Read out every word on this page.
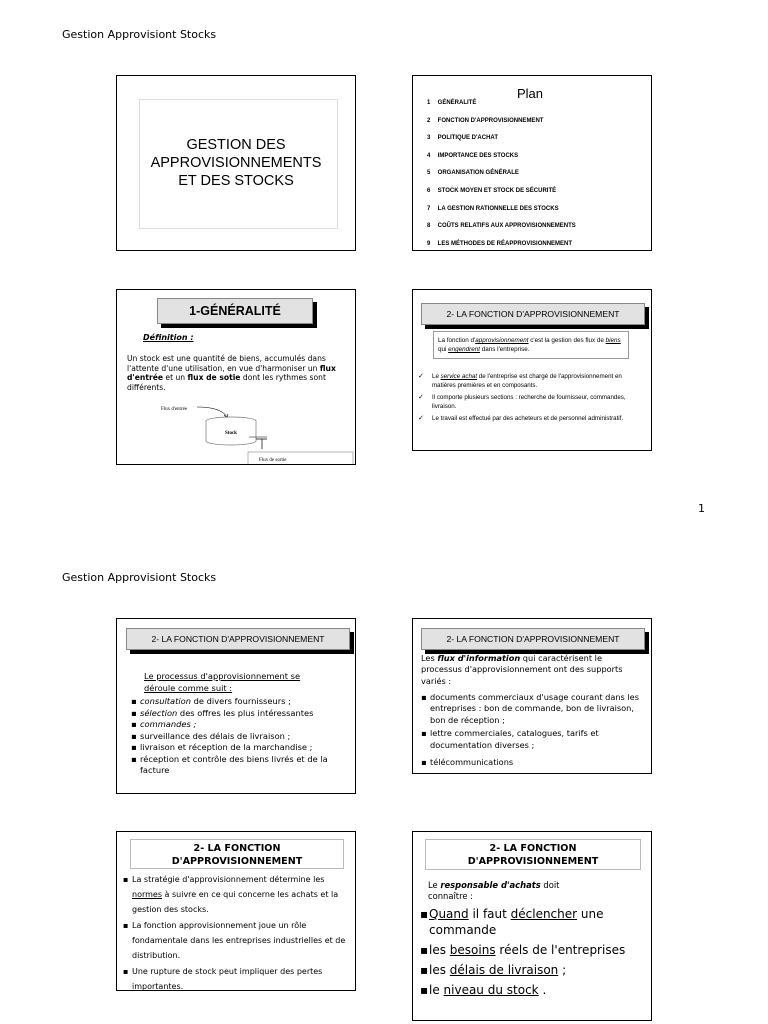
Gestion Approvisiont Stocks
GESTION DES
APPROVISIONNEMENTS
ET DES STOCKS
Plan
1 GÉNÉRALITÉ
2 FONCTION D'APPROVISIONNEMENT
3 POLITIQUE D'ACHAT
4 IMPORTANCE DES STOCKS
5 ORGANISATION GÉNÉRALE
6 STOCK MOYEN ET STOCK DE SÉCURITÉ
7 LA GESTION RATIONNELLE DES STOCKS
8 COÛTS RELATIFS AUX APPROVISIONNEMENTS
9 LES MÉTHODES DE RÉAPPROVISIONNEMENT
1-GÉNÉRALITÉ
Définition :
Un stock est une quantité de biens, accumulés dans l'attente d'une utilisation, en vue d'harmoniser un flux d'entrée et un flux de sotie dont les rythmes sont différents.
Flux d'entrée
Stock
Flux de sortie
2- LA FONCTION D'APPROVISIONNEMENT
La fonction d'approvisionnement c'est la gestion des flux de biens qui engendrent dans l'entreprise.
✓ Le service achat de l'entreprise est chargé de l'approvisionnement en matières premières et en composants.
✓ Il comporte plusieurs sections : recherche de fournisseur, commandes, livraison.
✓ Le travail est effectué par des acheteurs et de personnel administratif.
1
Gestion Approvisiont Stocks
2- LA FONCTION D'APPROVISIONNEMENT
Le processus d'approvisionnement se déroule comme suit :
▪ consultation de divers fournisseurs ;
▪ sélection des offres les plus intéressantes
▪ commandes ;
▪ surveillance des délais de livraison ;
▪ livraison et réception de la marchandise ;
▪ réception et contrôle des biens livrés et de la facture
2- LA FONCTION D'APPROVISIONNEMENT
Les flux d'information qui caractérisent le processus d'approvisionnement ont des supports variés :
▪ documents commerciaux d'usage courant dans les entreprises : bon de commande, bon de livraison, bon de réception ;
▪ lettre commerciales, catalogues, tarifs et documentation diverses ;
▪ télécommunications
2- LA FONCTION
D'APPROVISIONNEMENT
▪ La stratégie d'approvisionnement détermine les normes à suivre en ce qui concerne les achats et la gestion des stocks.
▪ La fonction approvisionnement joue un rôle fondamentale dans les entreprises industrielles et de distribution.
▪ Une rupture de stock peut impliquer des pertes importantes.
2- LA FONCTION
D'APPROVISIONNEMENT
Le responsable d'achats doit connaître :
▪ Quand il faut déclencher une commande
▪ les besoins réels de l'entreprises
▪ les délais de livraison ;
▪ le niveau du stock .
